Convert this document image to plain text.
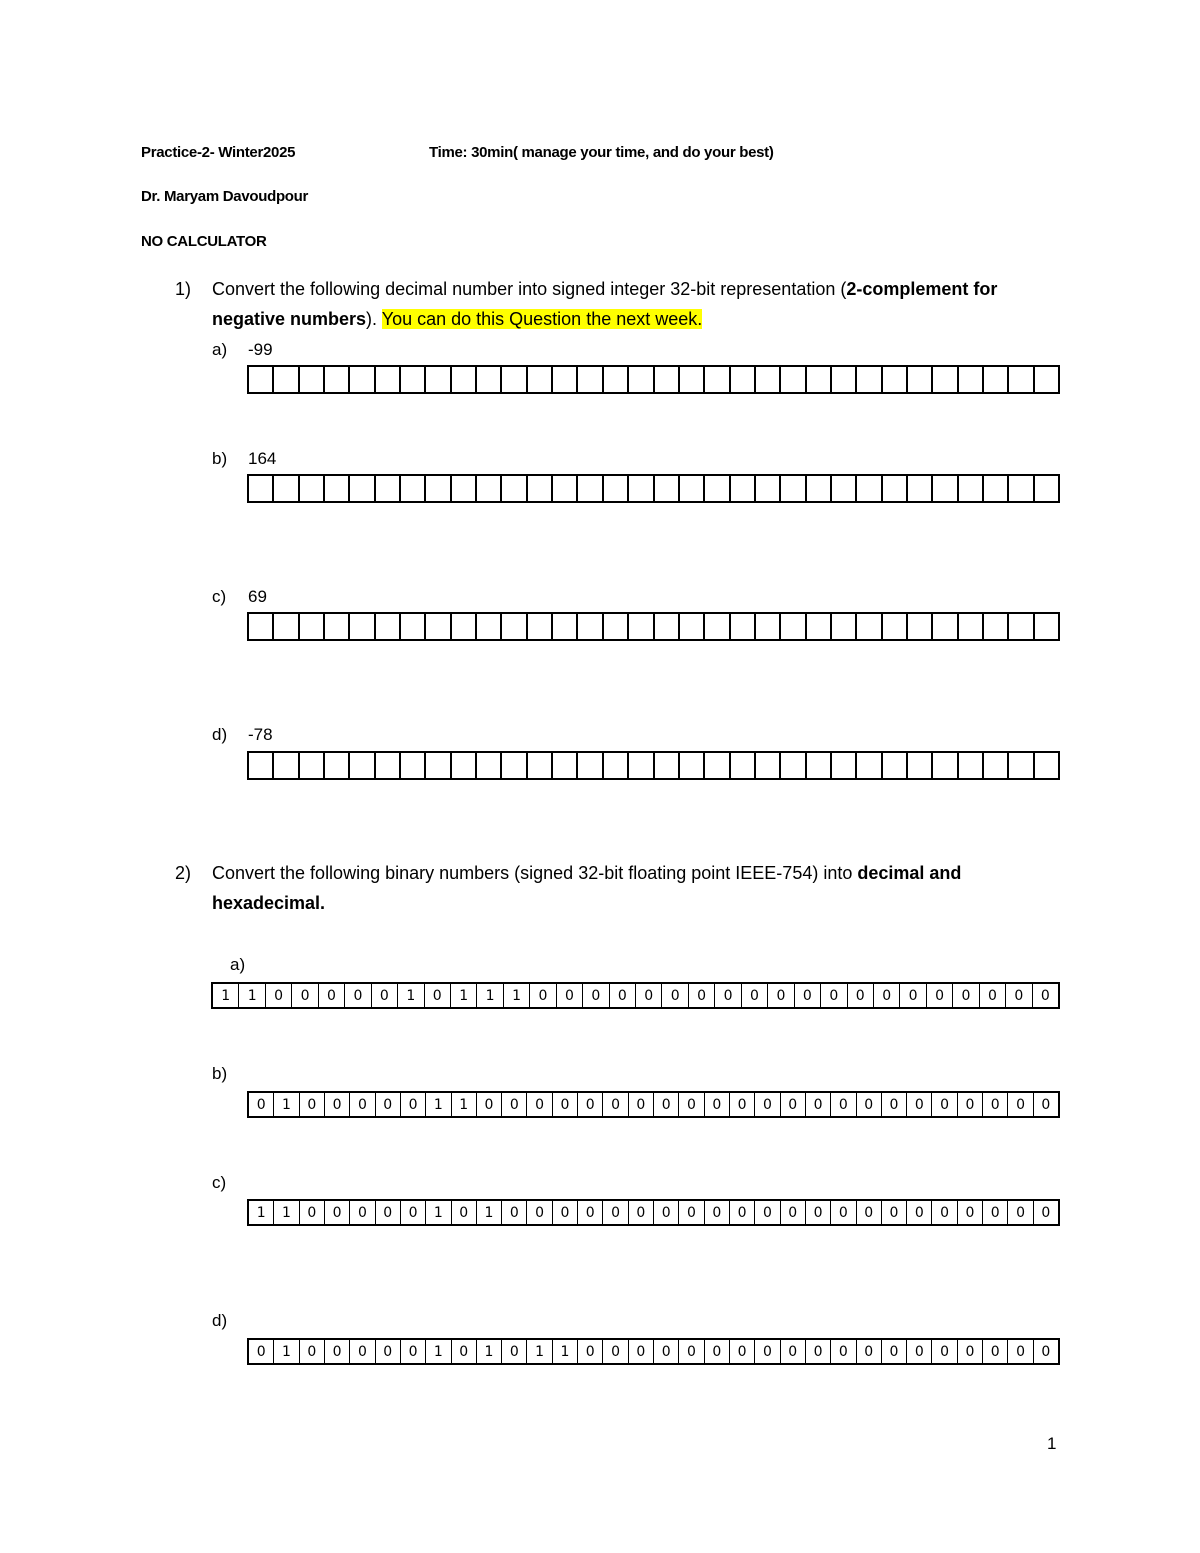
Practice-2- Winter2025	Time: 30min( manage your time, and do your best)
Dr. Maryam Davoudpour
NO CALCULATOR
1) Convert the following decimal number into signed integer 32-bit representation (2-complement for negative numbers). You can do this Question the next week.
a) -99
b) 164
c) 69
d) -78
2) Convert the following binary numbers (signed 32-bit floating point IEEE-754) into decimal and hexadecimal.
a)
1	1	0	0	0	0	0	1	0	1	1	1	0	0	0	0	0	0	0	0	0	0	0	0	0	0	0	0	0	0	0	0
b)
0	1	0	0	0	0	0	1	1	0	0	0	0	0	0	0	0	0	0	0	0	0	0	0	0	0	0	0	0	0	0	0
c)
1	1	0	0	0	0	0	1	0	1	0	0	0	0	0	0	0	0	0	0	0	0	0	0	0	0	0	0	0	0	0	0
d)
0	1	0	0	0	0	0	1	0	1	0	1	1	0	0	0	0	0	0	0	0	0	0	0	0	0	0	0	0	0	0	0
1
